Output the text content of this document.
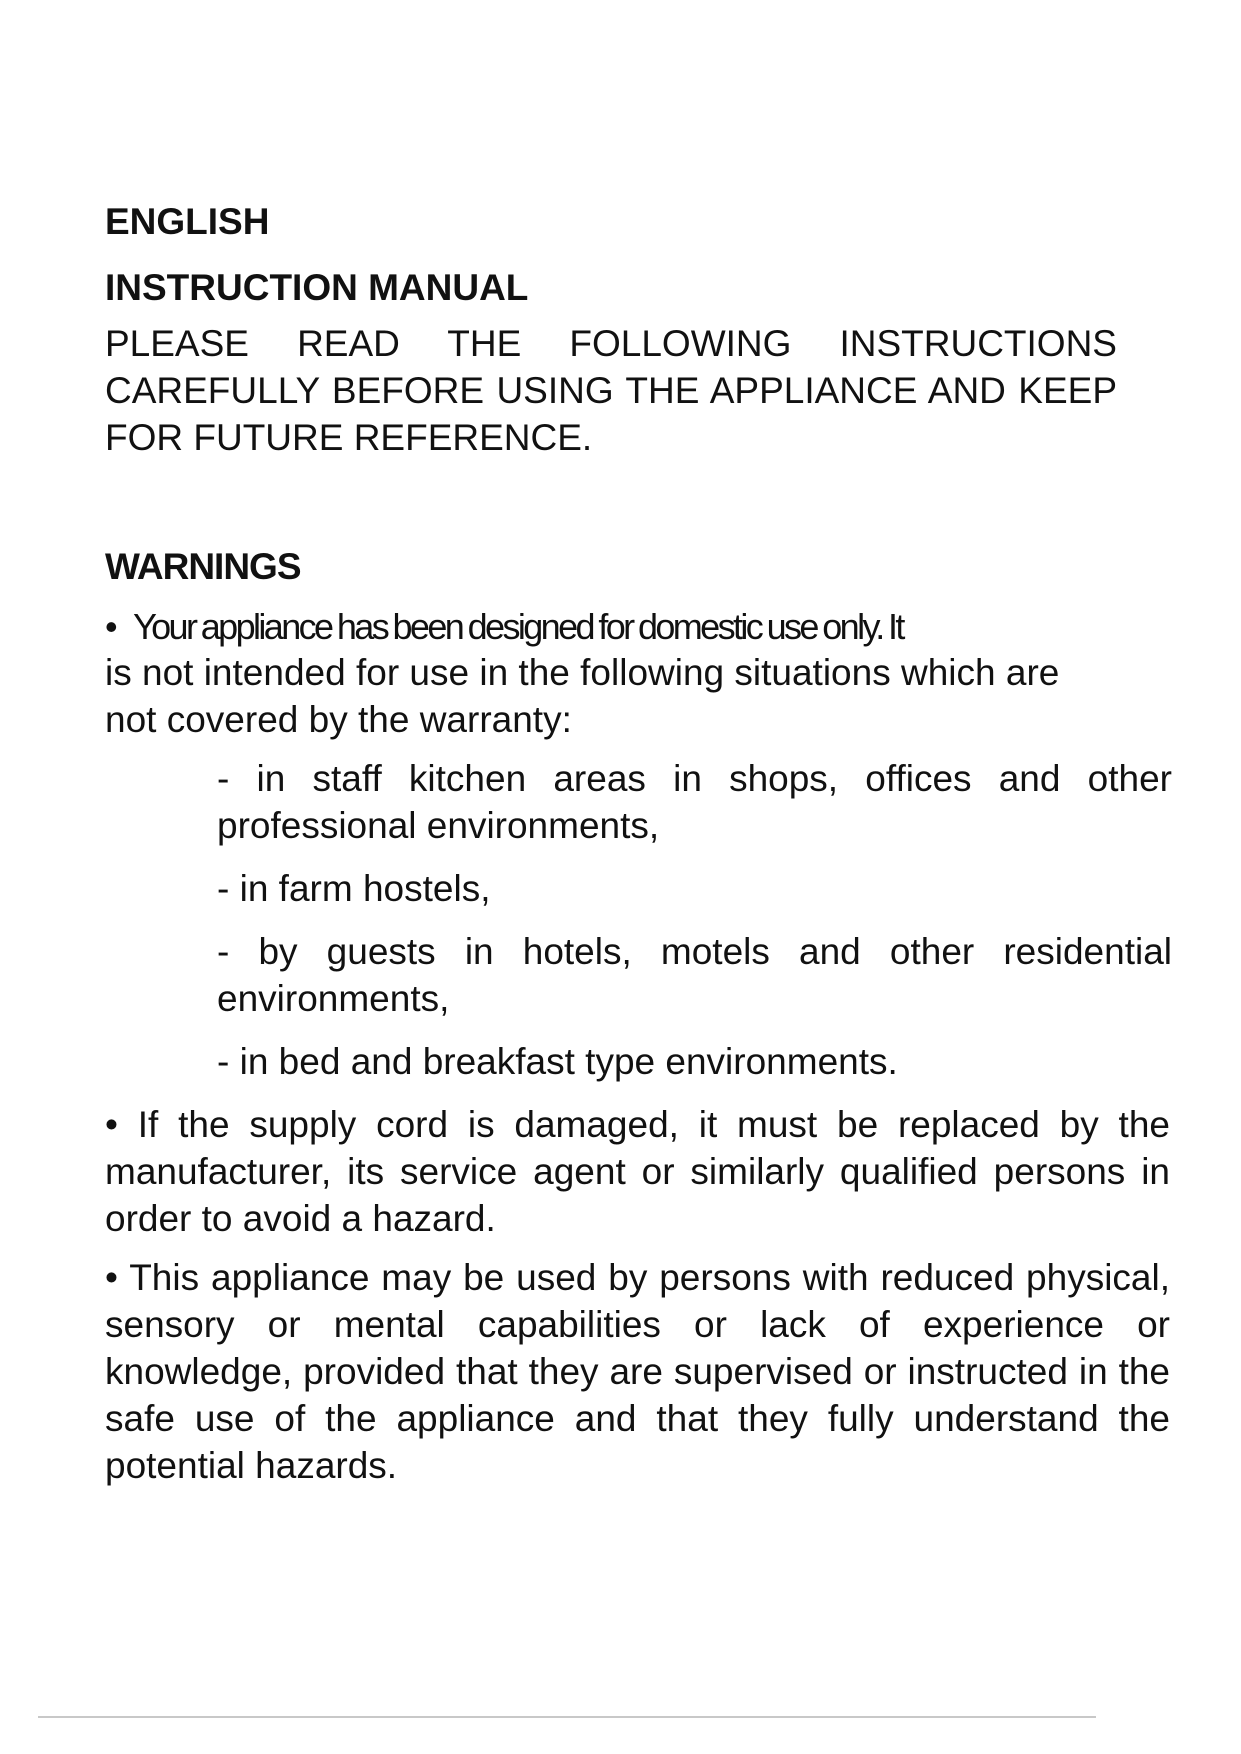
ENGLISH

INSTRUCTION MANUAL

PLEASE READ THE FOLLOWING INSTRUCTIONS CAREFULLY BEFORE USING THE APPLIANCE AND KEEP FOR FUTURE REFERENCE.

WARNINGS

• Your appliance has been designed for domestic use only. It

is not intended for use in the following situations which are not covered by the warranty:

- in staff kitchen areas in shops, offices and other professional environments,
- in farm hostels,
- by guests in hotels, motels and other residential environments,
- in bed and breakfast type environments.

• If the supply cord is damaged, it must be replaced by the manufacturer, its service agent or similarly qualified persons in order to avoid a hazard.

• This appliance may be used by persons with reduced physical, sensory or mental capabilities or lack of experience or knowledge, provided that they are supervised or instructed in the safe use of the appliance and that they fully understand the potential hazards.
